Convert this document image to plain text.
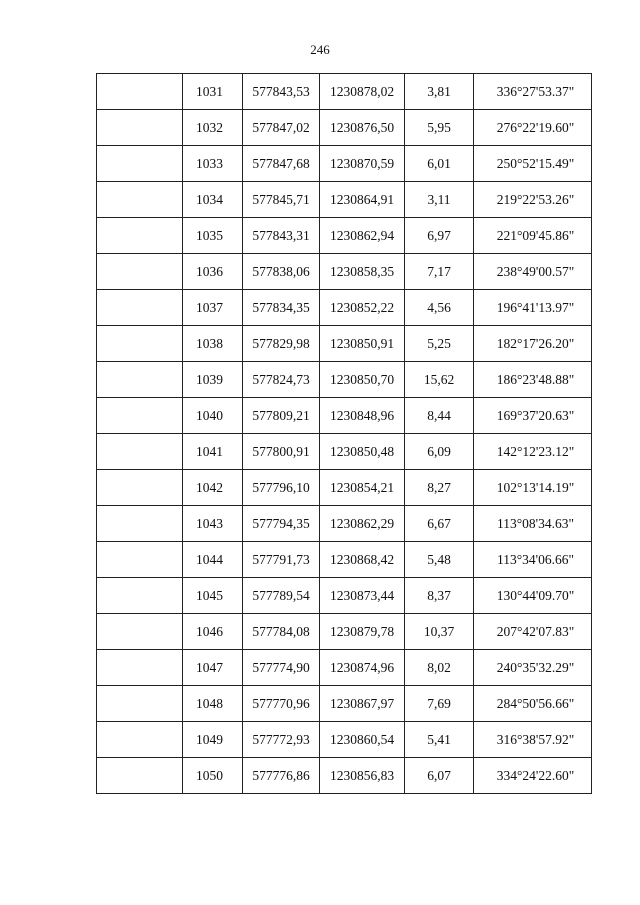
246

	1031	577843,53	1230878,02	3,81	336°27'53.37"

	1032	577847,02	1230876,50	5,95	276°22'19.60"

	1033	577847,68	1230870,59	6,01	250°52'15.49"

	1034	577845,71	1230864,91	3,11	219°22'53.26"

	1035	577843,31	1230862,94	6,97	221°09'45.86"

	1036	577838,06	1230858,35	7,17	238°49'00.57"

	1037	577834,35	1230852,22	4,56	196°41'13.97"

	1038	577829,98	1230850,91	5,25	182°17'26.20"

	1039	577824,73	1230850,70	15,62	186°23'48.88"

	1040	577809,21	1230848,96	8,44	169°37'20.63"

	1041	577800,91	1230850,48	6,09	142°12'23.12"

	1042	577796,10	1230854,21	8,27	102°13'14.19"

	1043	577794,35	1230862,29	6,67	113°08'34.63"

	1044	577791,73	1230868,42	5,48	113°34'06.66"

	1045	577789,54	1230873,44	8,37	130°44'09.70"

	1046	577784,08	1230879,78	10,37	207°42'07.83"

	1047	577774,90	1230874,96	8,02	240°35'32.29"

	1048	577770,96	1230867,97	7,69	284°50'56.66"

	1049	577772,93	1230860,54	5,41	316°38'57.92"

	1050	577776,86	1230856,83	6,07	334°24'22.60"
